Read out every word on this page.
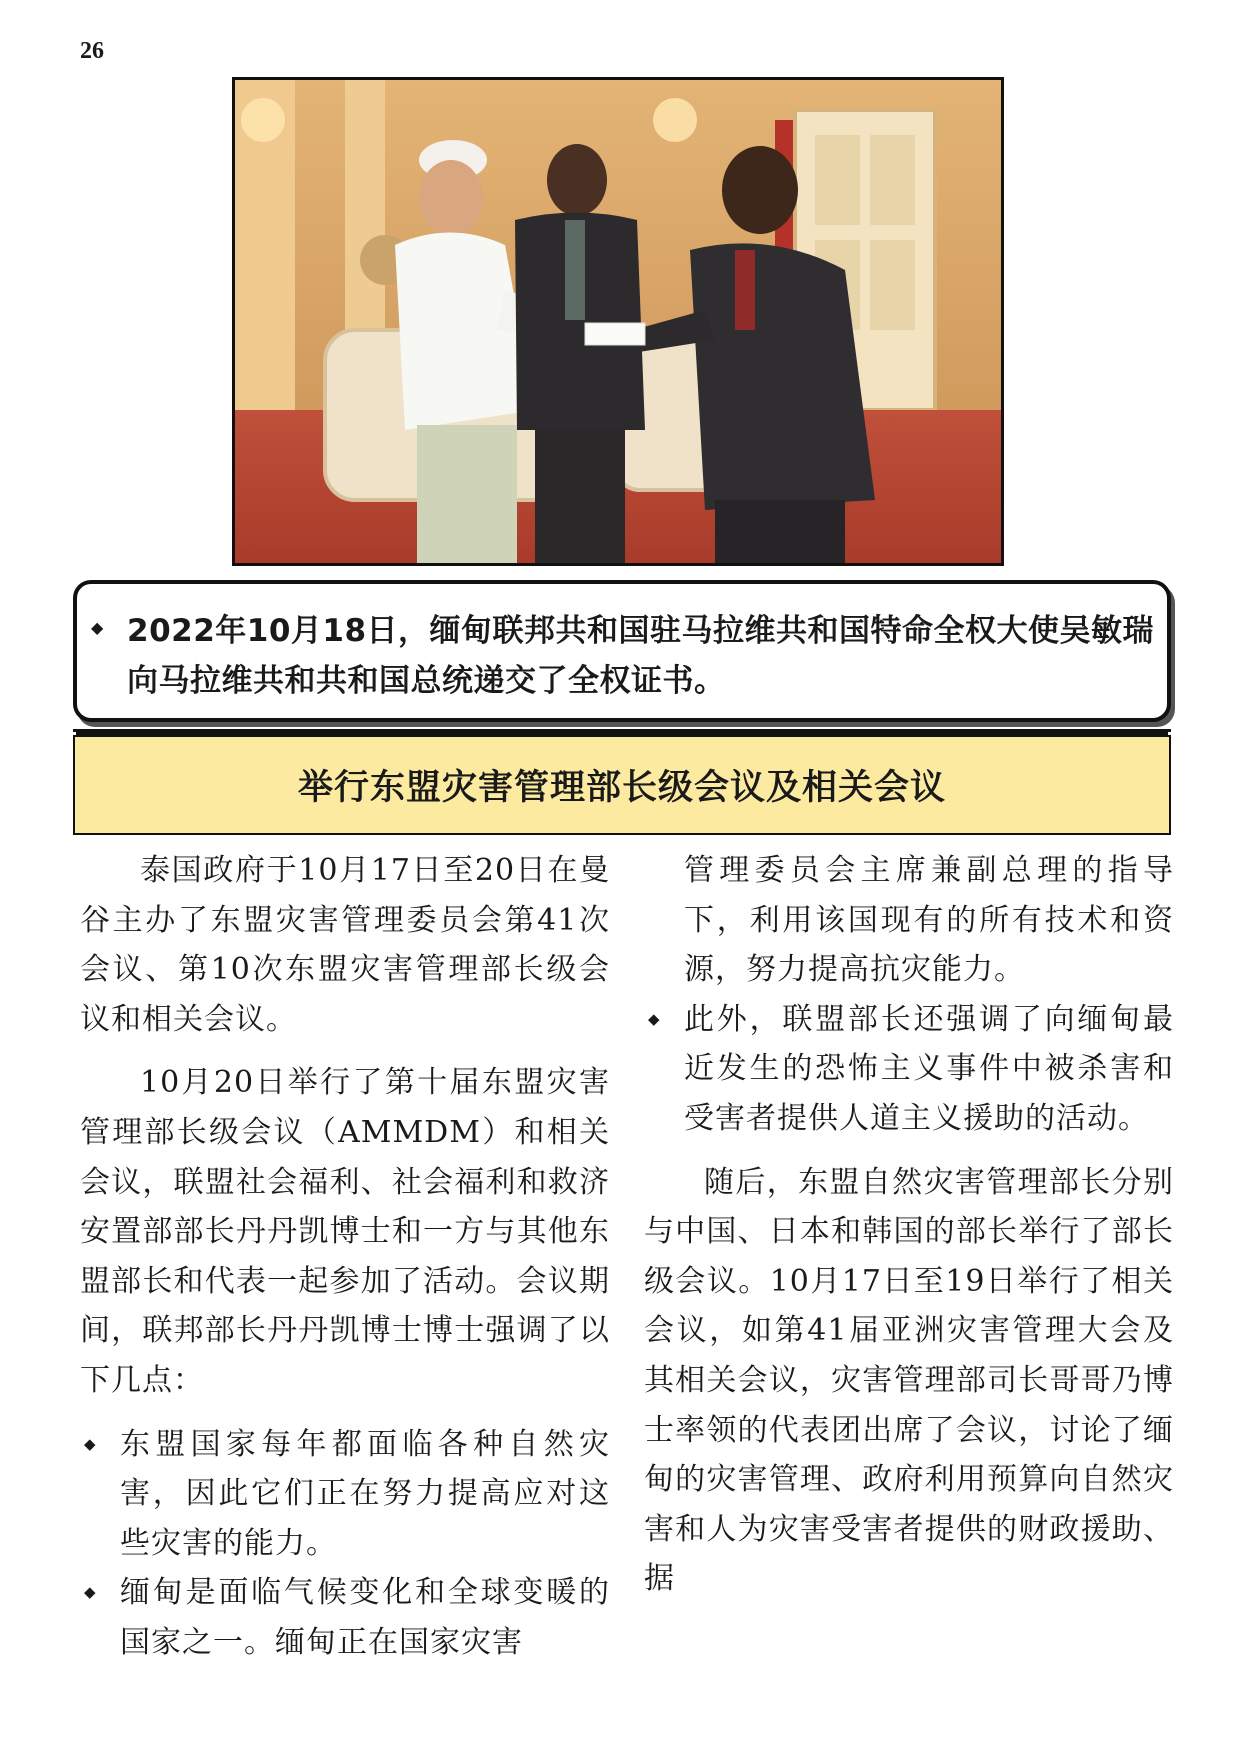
26
◆ 2022年10月18日，缅甸联邦共和国驻马拉维共和国特命全权大使吴敏瑞向马拉维共和共和国总统递交了全权证书。
举行东盟灾害管理部长级会议及相关会议

泰国政府于10月17日至20日在曼谷主办了东盟灾害管理委员会第41次会议、第10次东盟灾害管理部长级会议和相关会议。

10月20日举行了第十届东盟灾害管理部长级会议（AMMDM）和相关会议，联盟社会福利、社会福利和救济安置部部长丹丹凯博士和一方与其他东盟部长和代表一起参加了活动。会议期间，联邦部长丹丹凯博士博士强调了以下几点：

◆ 东盟国家每年都面临各种自然灾害，因此它们正在努力提高应对这些灾害的能力。

◆ 缅甸是面临气候变化和全球变暖的国家之一。缅甸正在国家灾害

管理委员会主席兼副总理的指导下，利用该国现有的所有技术和资源，努力提高抗灾能力。

◆ 此外，联盟部长还强调了向缅甸最近发生的恐怖主义事件中被杀害和受害者提供人道主义援助的活动。

随后，东盟自然灾害管理部长分别与中国、日本和韩国的部长举行了部长级会议。10月17日至19日举行了相关会议，如第41届亚洲灾害管理大会及其相关会议，灾害管理部司长哥哥乃博士率领的代表团出席了会议，讨论了缅甸的灾害管理、政府利用预算向自然灾害和人为灾害受害者提供的财政援助、据
